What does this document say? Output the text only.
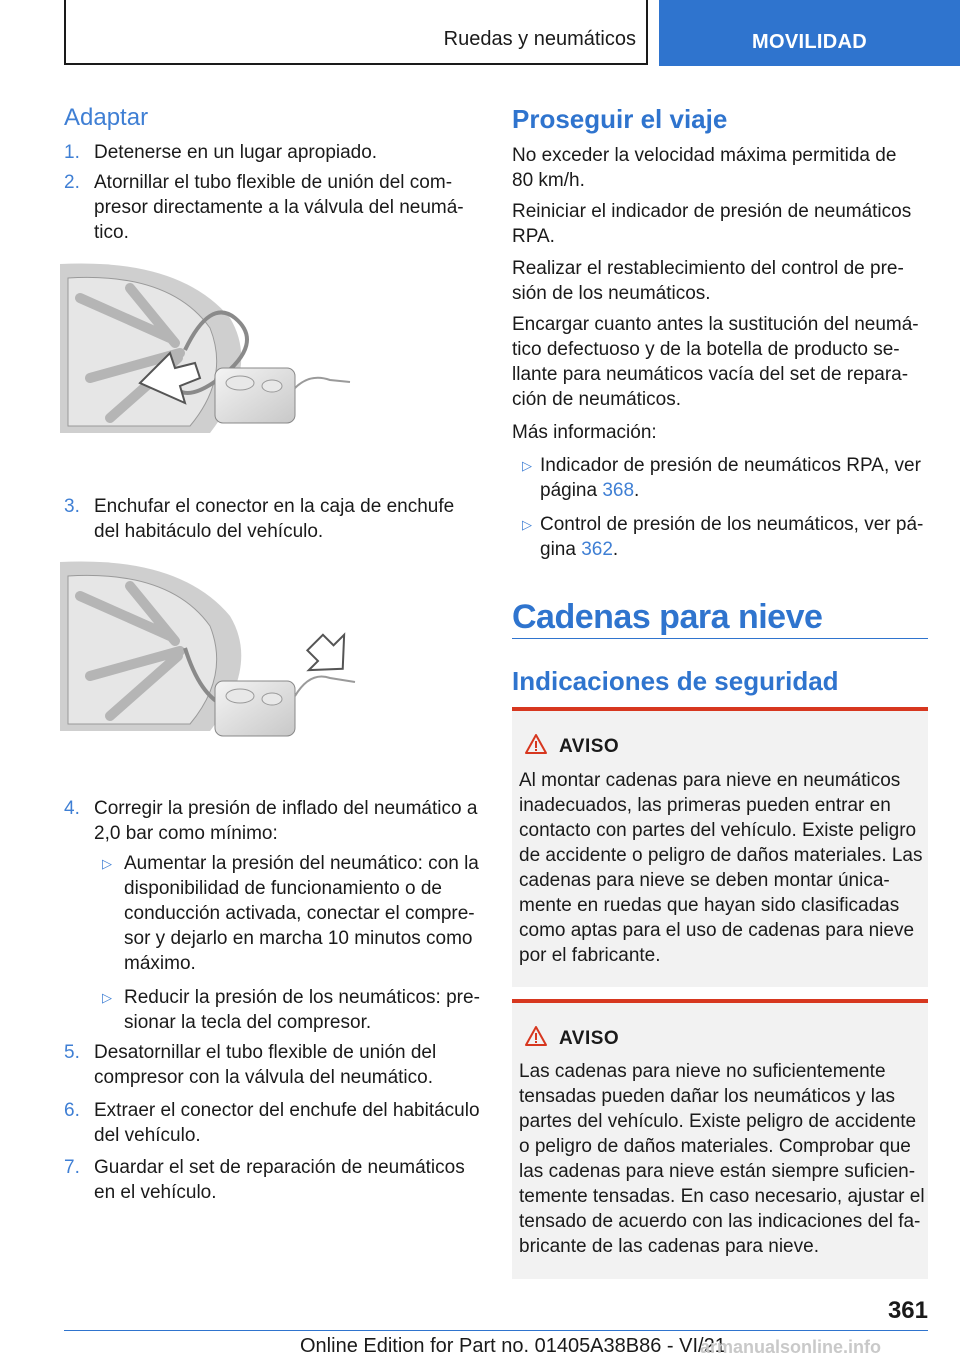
Ruedas y neumáticos	MOVILIDAD
Adaptar
1. Detenerse en un lugar apropiado.
2. Atornillar el tubo flexible de unión del com-
presor directamente a la válvula del neumá-
tico.
3. Enchufar el conector en la caja de enchufe
del habitáculo del vehículo.
4. Corregir la presión de inflado del neumático a
2,0 bar como mínimo:
▷ Aumentar la presión del neumático: con la
disponibilidad de funcionamiento o de
conducción activada, conectar el compre-
sor y dejarlo en marcha 10 minutos como
máximo.
▷ Reducir la presión de los neumáticos: pre-
sionar la tecla del compresor.
5. Desatornillar el tubo flexible de unión del
compresor con la válvula del neumático.
6. Extraer el conector del enchufe del habitáculo
del vehículo.
7. Guardar el set de reparación de neumáticos
en el vehículo.
Proseguir el viaje
No exceder la velocidad máxima permitida de
80 km/h.
Reiniciar el indicador de presión de neumáticos
RPA.
Realizar el restablecimiento del control de pre-
sión de los neumáticos.
Encargar cuanto antes la sustitución del neumá-
tico defectuoso y de la botella de producto se-
llante para neumáticos vacía del set de repara-
ción de neumáticos.
Más información:
▷ Indicador de presión de neumáticos RPA, ver
página 368.
▷ Control de presión de los neumáticos, ver pá-
gina 362.
Cadenas para nieve
Indicaciones de seguridad
AVISO
Al montar cadenas para nieve en neumáticos
inadecuados, las primeras pueden entrar en
contacto con partes del vehículo. Existe peligro
de accidente o peligro de daños materiales. Las
cadenas para nieve se deben montar única-
mente en ruedas que hayan sido clasificadas
como aptas para el uso de cadenas para nieve
por el fabricante.
AVISO
Las cadenas para nieve no suficientemente
tensadas pueden dañar los neumáticos y las
partes del vehículo. Existe peligro de accidente
o peligro de daños materiales. Comprobar que
las cadenas para nieve están siempre suficien-
temente tensadas. En caso necesario, ajustar el
tensado de acuerdo con las indicaciones del fa-
bricante de las cadenas para nieve.
361
Online Edition for Part no. 01405A38B86 - VI/21
armanualsonline.info
